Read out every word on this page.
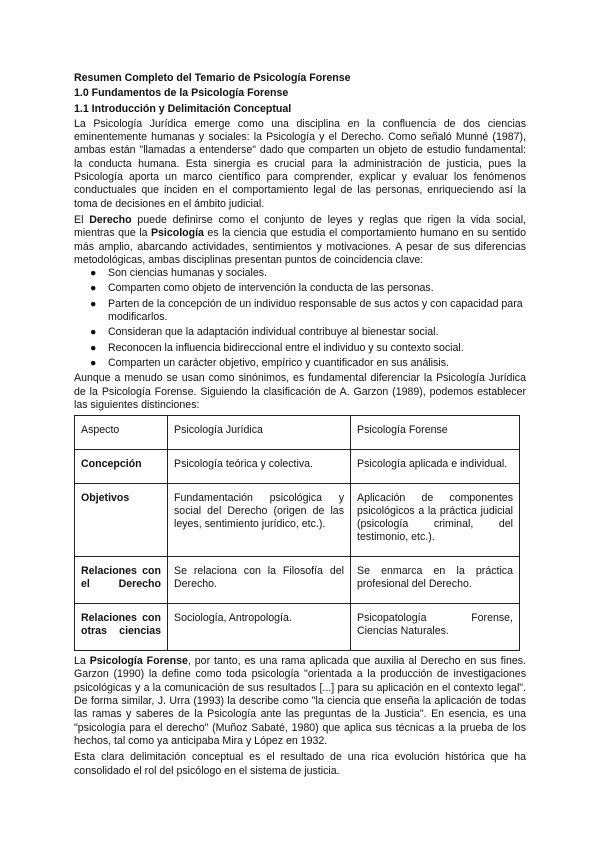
Resumen Completo del Temario de Psicología Forense
1.0 Fundamentos de la Psicología Forense
1.1 Introducción y Delimitación Conceptual

La Psicología Jurídica emerge como una disciplina en la confluencia de dos ciencias eminentemente humanas y sociales: la Psicología y el Derecho. Como señaló Munné (1987), ambas están "llamadas a entenderse" dado que comparten un objeto de estudio fundamental: la conducta humana. Esta sinergia es crucial para la administración de justicia, pues la Psicología aporta un marco científico para comprender, explicar y evaluar los fenómenos conductuales que inciden en el comportamiento legal de las personas, enriqueciendo así la toma de decisiones en el ámbito judicial.

El Derecho puede definirse como el conjunto de leyes y reglas que rigen la vida social, mientras que la Psicología es la ciencia que estudia el comportamiento humano en su sentido más amplio, abarcando actividades, sentimientos y motivaciones. A pesar de sus diferencias metodológicas, ambas disciplinas presentan puntos de coincidencia clave:

● Son ciencias humanas y sociales.
● Comparten como objeto de intervención la conducta de las personas.
● Parten de la concepción de un individuo responsable de sus actos y con capacidad para modificarlos.
● Consideran que la adaptación individual contribuye al bienestar social.
● Reconocen la influencia bidireccional entre el individuo y su contexto social.
● Comparten un carácter objetivo, empírico y cuantificador en sus análisis.

Aunque a menudo se usan como sinónimos, es fundamental diferenciar la Psicología Jurídica de la Psicología Forense. Siguiendo la clasificación de A. Garzon (1989), podemos establecer las siguientes distinciones:

Aspecto	Psicología Jurídica	Psicología Forense
Concepción	Psicología teórica y colectiva.	Psicología aplicada e individual.
Objetivos	Fundamentación psicológica y social del Derecho (origen de las leyes, sentimiento jurídico, etc.).	Aplicación de componentes psicológicos a la práctica judicial (psicología criminal, del testimonio, etc.).
Relaciones con el Derecho	Se relaciona con la Filosofía del Derecho.	Se enmarca en la práctica profesional del Derecho.
Relaciones con otras ciencias	Sociología, Antropología.	Psicopatología Forense, Ciencias Naturales.

La Psicología Forense, por tanto, es una rama aplicada que auxilia al Derecho en sus fines. Garzon (1990) la define como toda psicología "orientada a la producción de investigaciones psicológicas y a la comunicación de sus resultados [...] para su aplicación en el contexto legal". De forma similar, J. Urra (1993) la describe como "la ciencia que enseña la aplicación de todas las ramas y saberes de la Psicología ante las preguntas de la Justicia". En esencia, es una "psicología para el derecho" (Muñoz Sabaté, 1980) que aplica sus técnicas a la prueba de los hechos, tal como ya anticipaba Mira y López en 1932.

Esta clara delimitación conceptual es el resultado de una rica evolución histórica que ha consolidado el rol del psicólogo en el sistema de justicia.
